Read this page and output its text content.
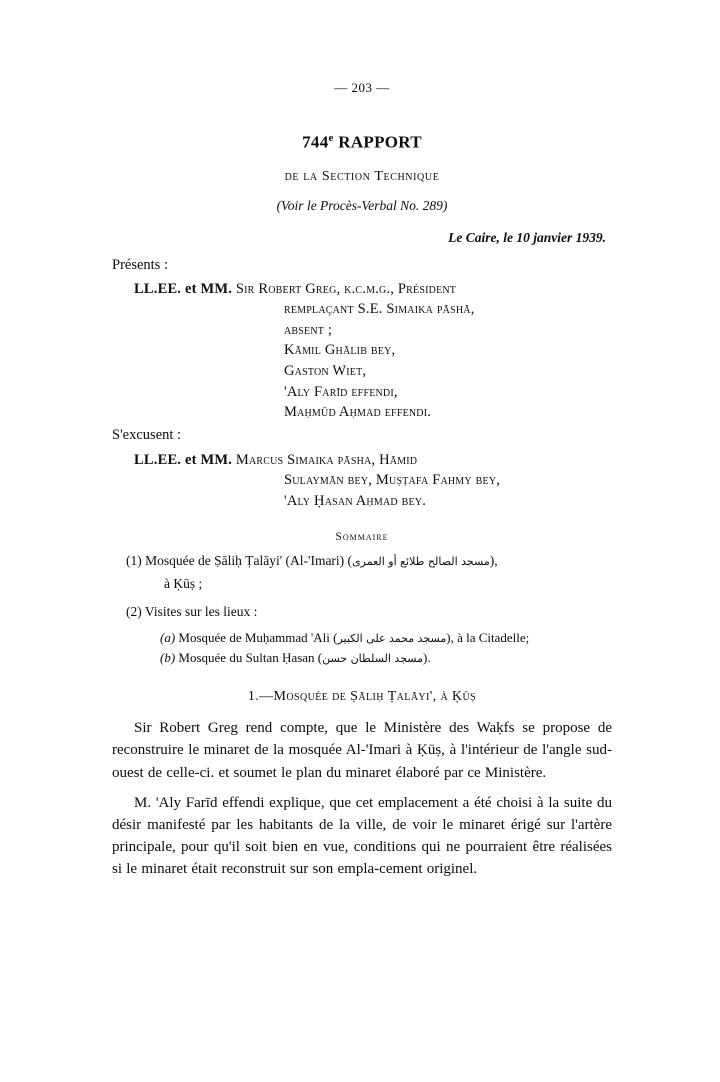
— 203 —
744e RAPPORT
de la Section Technique
(Voir le Procès-Verbal No. 289)
Le Caire, le 10 janvier 1939.
Présents :
LL.EE. et MM. Sir Robert Greg, k.c.m.g., Président
remplaçant S.E. Simaika pāshā,
absent ;
Kāmil Ghālib bey,
Gaston Wiet,
'Aly Farīd effendi,
Maḥmūd Aḥmad effendi.
S'excusent :
LL.EE. et MM. Marcus Simaika pāsha, Hāmid
Sulaymān bey, Muṣṭafa Fahmy bey,
'Aly Ḥasan Aḥmad bey.
Sommaire
(1) Mosquée de Ṣāliḥ Ṭalāyi' (Al-'Imari) (مسجد الصالح طلائع أو العمرى),
à Ḳūṣ ;
(2) Visites sur les lieux :
(a) Mosquée de Muḥammad 'Ali (مسجد محمد على الكبير), à la Citadelle;
(b) Mosquée du Sultan Ḥasan (مسجد السلطان حسن).
1.—Mosquée de Ṣāliḥ Ṭalāyi', à Ḳūṣ

Sir Robert Greg rend compte, que le Ministère des Waḳfs se propose de reconstruire le minaret de la mosquée Al-'Imari à Ḳūṣ, à l'intérieur de l'angle sud-ouest de celle-ci. et soumet le plan du minaret élaboré par ce Ministère.

M. 'Aly Farīd effendi explique, que cet emplacement a été choisi à la suite du désir manifesté par les habitants de la ville, de voir le minaret érigé sur l'artère principale, pour qu'il soit bien en vue, conditions qui ne pourraient être réalisées si le minaret était reconstruit sur son empla-cement originel.
